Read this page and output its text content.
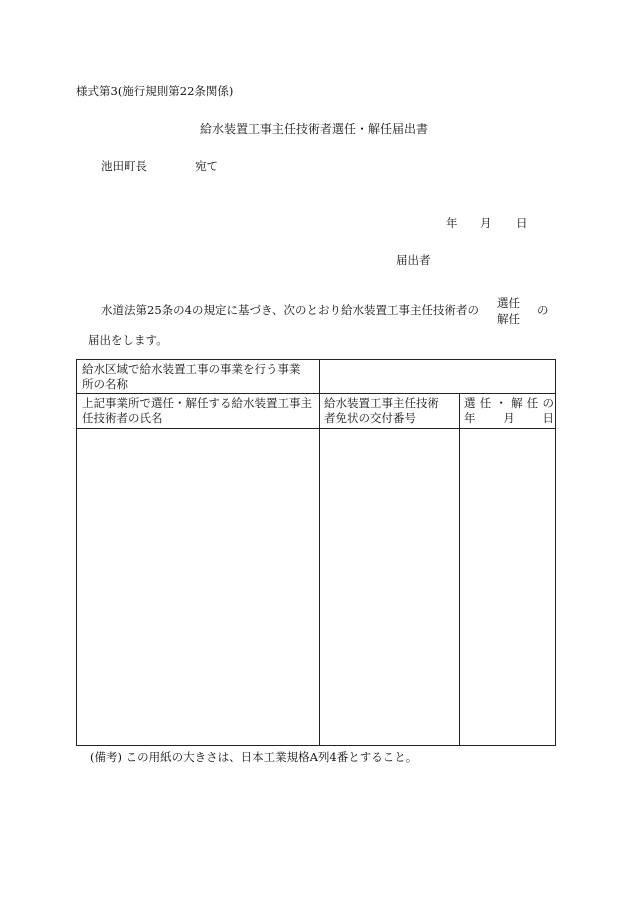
様式第3(施行規則第22条関係)
給水装置工事主任技術者選任・解任届出書
池田町長	宛て
年 月 日
届出者
水道法第25条の4の規定に基づき、次のとおり給水装置工事主任技術者の 選任
解任
の
届出をします。
給水区域で給水装置工事の事業を行う事業
所の名称
上記事業所で選任・解任する給水装置工事主
任技術者の氏名
給水装置工事主任技術
者免状の交付番号
選 任 ・ 解 任 の
年 月 日
(備考) この用紙の大きさは、日本工業規格A列4番とすること。
